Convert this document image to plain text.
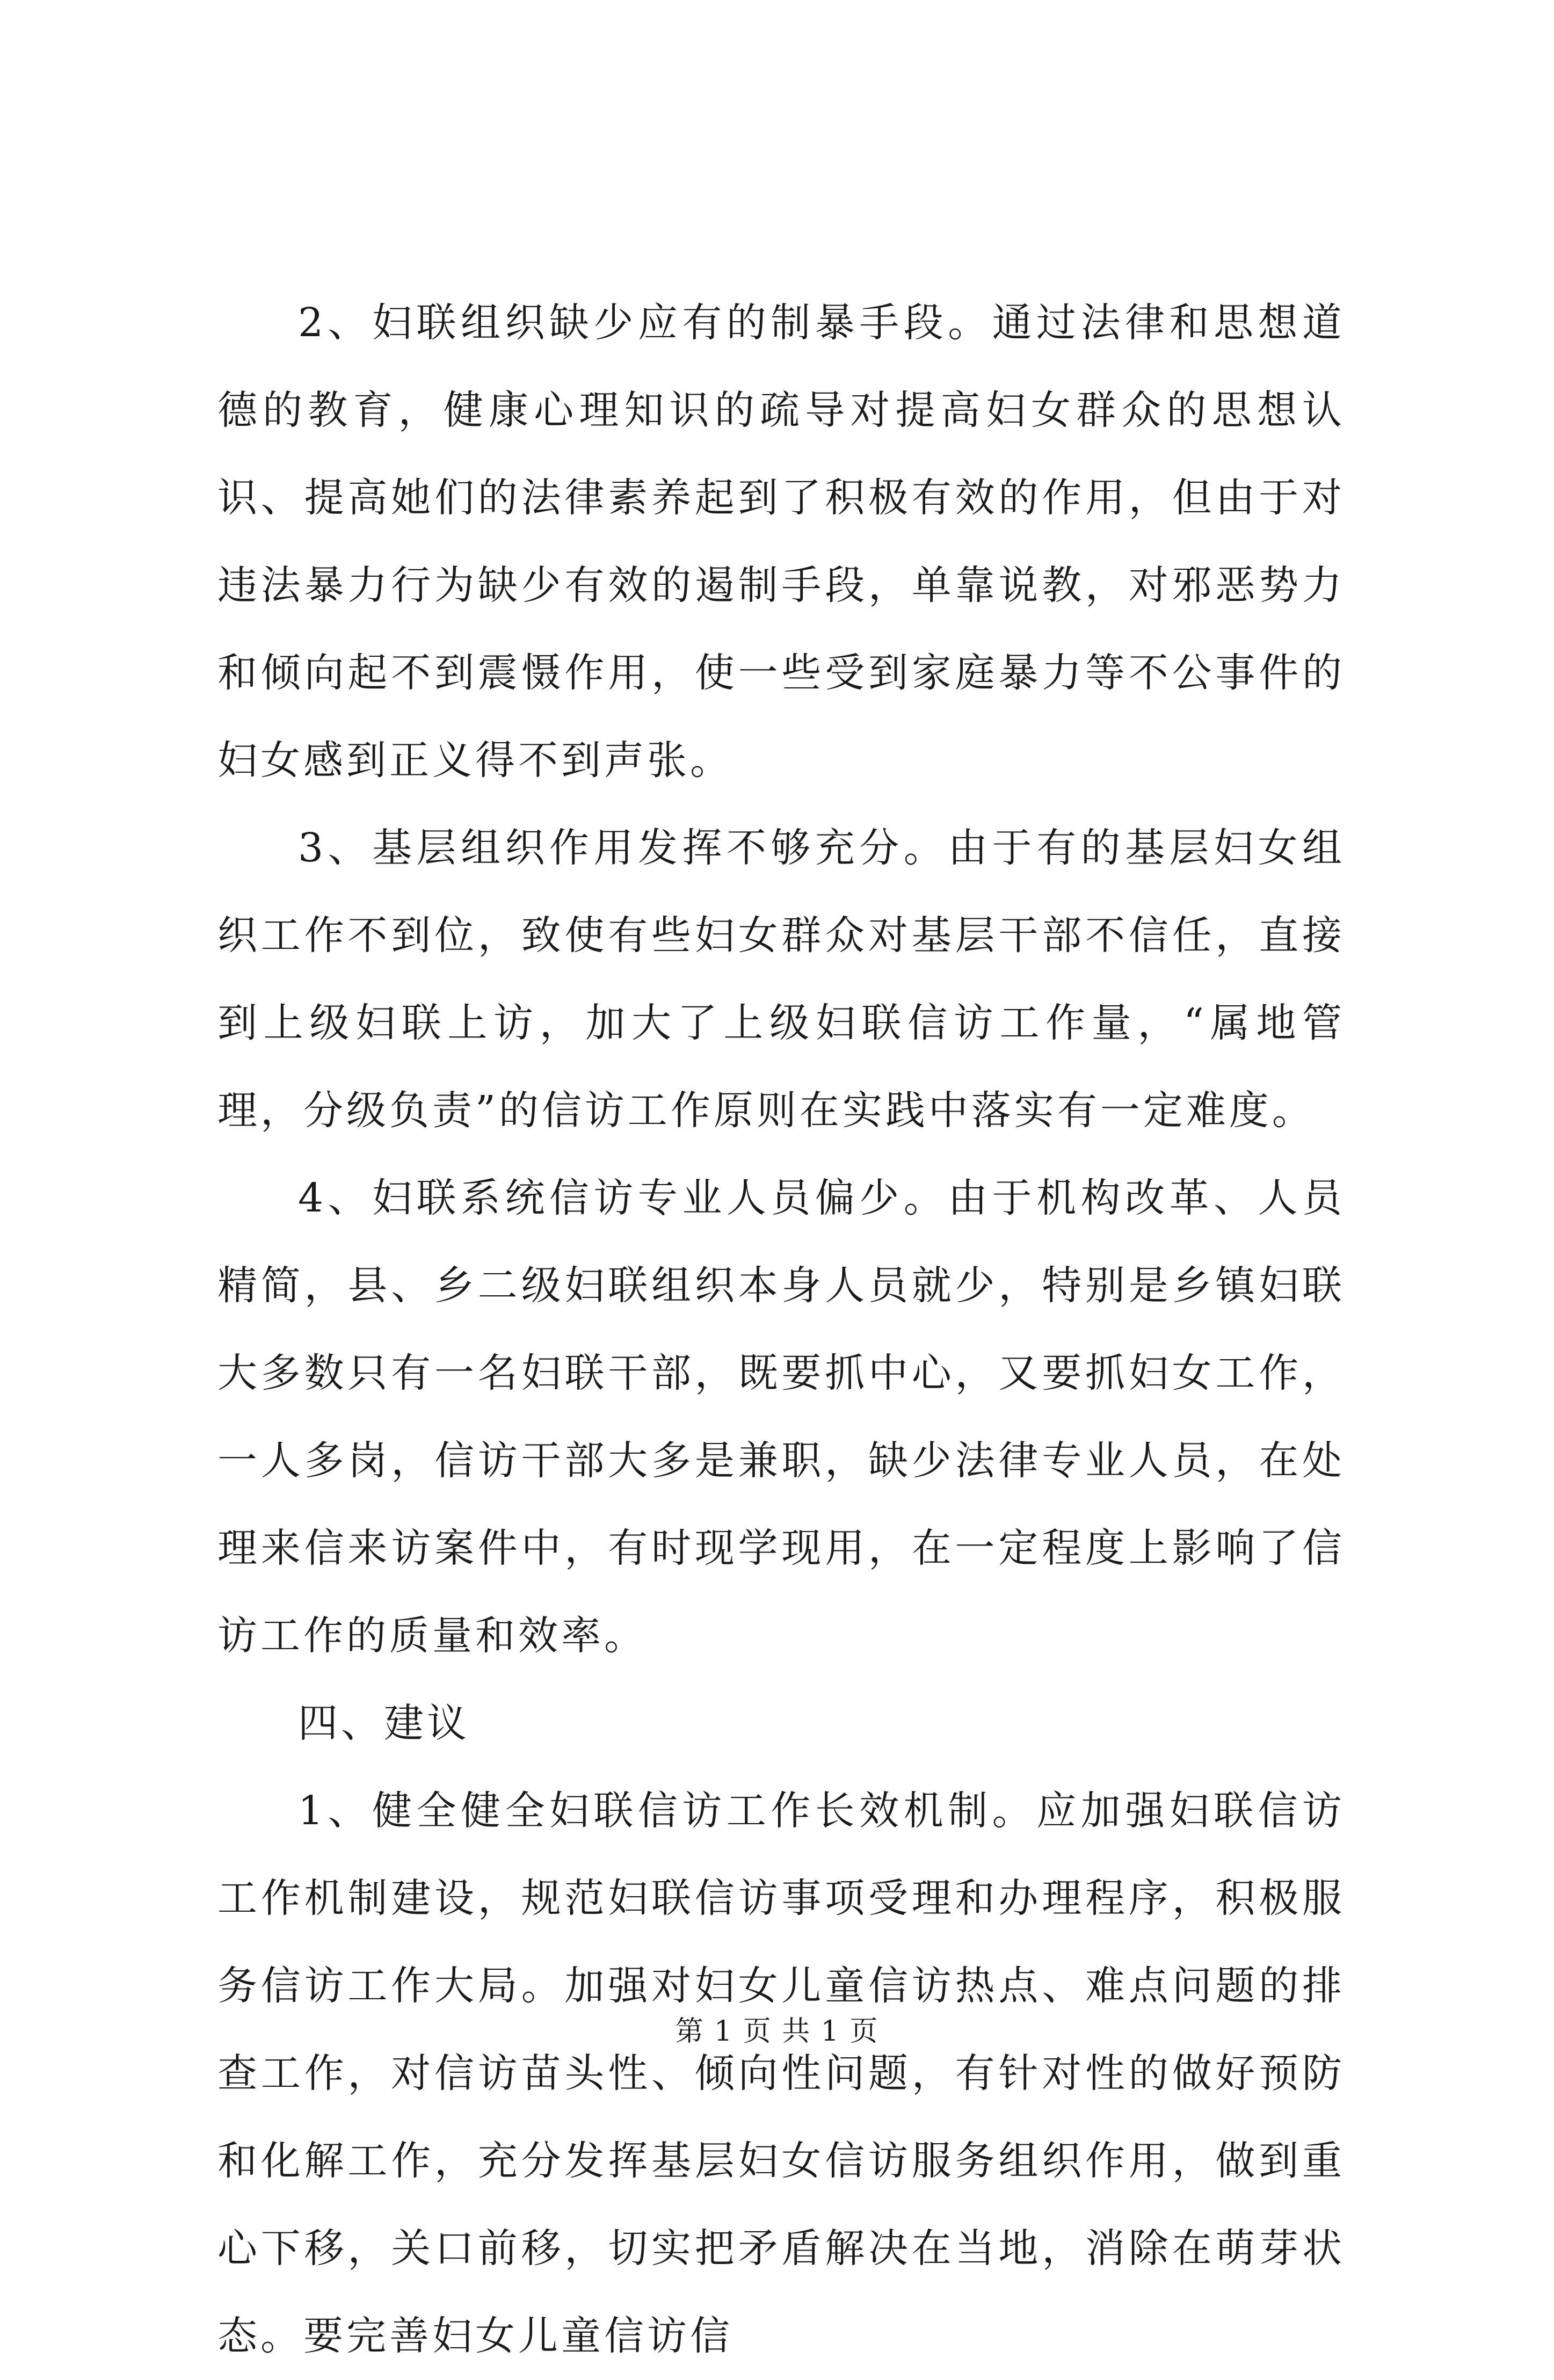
2、妇联组织缺少应有的制暴手段。通过法律和思想道德的教育，健康心理知识的疏导对提高妇女群众的思想认识、提高她们的法律素养起到了积极有效的作用，但由于对违法暴力行为缺少有效的遏制手段，单靠说教，对邪恶势力和倾向起不到震慑作用，使一些受到家庭暴力等不公事件的妇女感到正义得不到声张。

3、基层组织作用发挥不够充分。由于有的基层妇女组织工作不到位，致使有些妇女群众对基层干部不信任，直接到上级妇联上访，加大了上级妇联信访工作量，“属地管理，分级负责”的信访工作原则在实践中落实有一定难度。

4、妇联系统信访专业人员偏少。由于机构改革、人员精简，县、乡二级妇联组织本身人员就少，特别是乡镇妇联大多数只有一名妇联干部，既要抓中心，又要抓妇女工作，一人多岗，信访干部大多是兼职，缺少法律专业人员，在处理来信来访案件中，有时现学现用，在一定程度上影响了信访工作的质量和效率。

四、建议

1、健全健全妇联信访工作长效机制。应加强妇联信访工作机制建设，规范妇联信访事项受理和办理程序，积极服务信访工作大局。加强对妇女儿童信访热点、难点问题的排查工作，对信访苗头性、倾向性问题，有针对性的做好预防和化解工作，充分发挥基层妇女信访服务组织作用，做到重心下移，关口前移，切实把矛盾解决在当地，消除在萌芽状态。要完善妇女儿童信访信

第 1 页 共 1 页
